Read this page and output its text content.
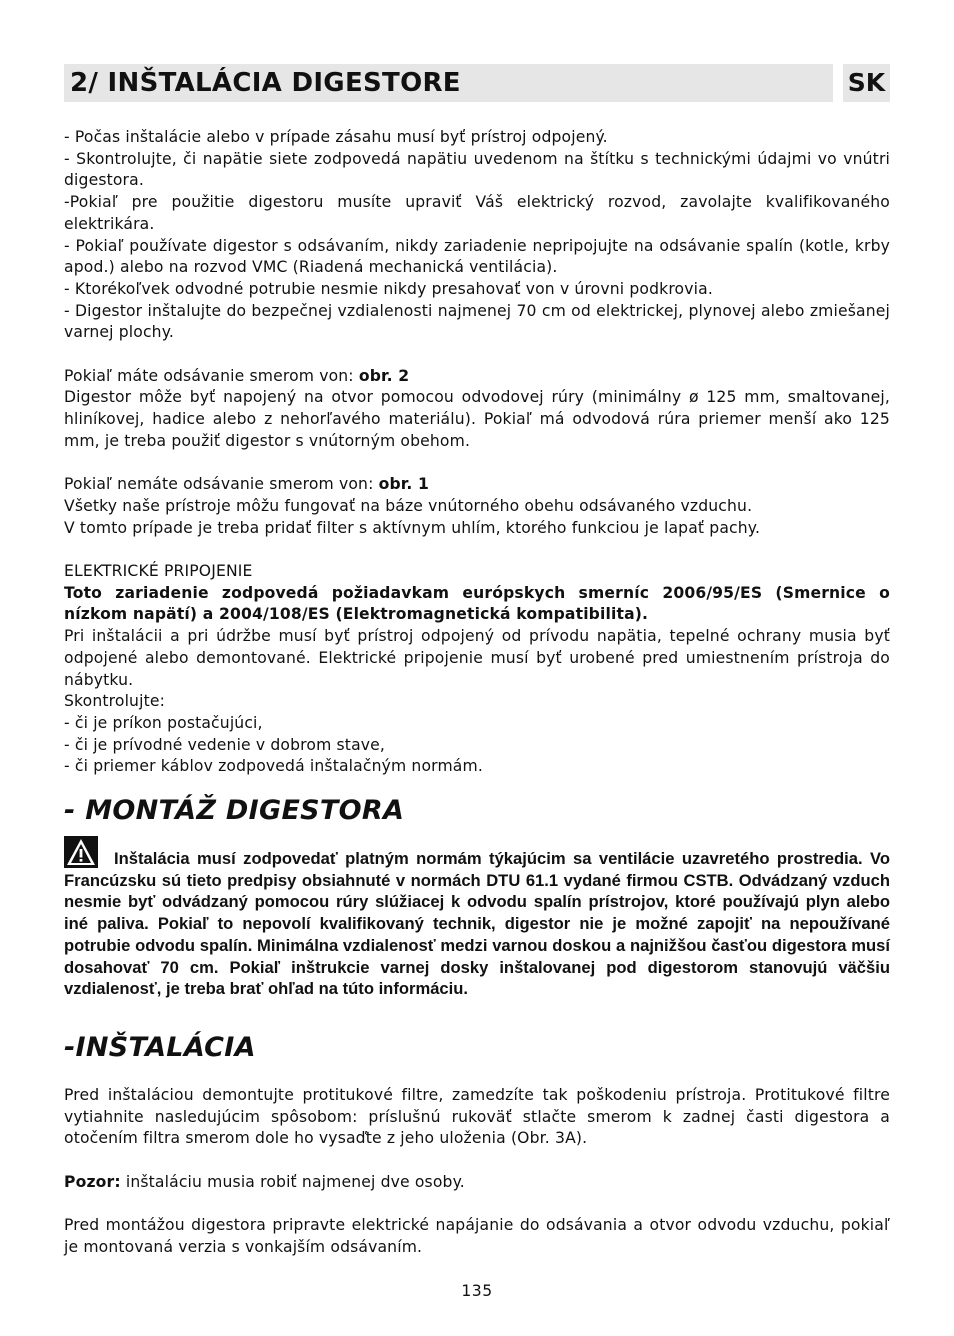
2/ INŠTALÁCIA DIGESTORE	SK

- Počas inštalácie alebo v prípade zásahu musí byť prístroj odpojený.

- Skontrolujte, či napätie siete zodpovedá napätiu uvedenom na štítku s technickými údajmi vo vnútri digestora.

-Pokiaľ pre použitie digestoru musíte upraviť Váš elektrický rozvod, zavolajte kvalifikovaného elektrikára.

- Pokiaľ používate digestor s odsávaním, nikdy zariadenie nepripojujte na odsávanie spalín (kotle, krby apod.) alebo na rozvod VMC (Riadená mechanická ventilácia).

- Ktorékoľvek odvodné potrubie nesmie nikdy presahovať von v úrovni podkrovia.

- Digestor inštalujte do bezpečnej vzdialenosti najmenej 70 cm od elektrickej, plynovej alebo zmiešanej varnej plochy.

Pokiaľ máte odsávanie smerom von: obr. 2

Digestor môže byť napojený na otvor pomocou odvodovej rúry (minimálny ø 125 mm, smaltovanej, hliníkovej, hadice alebo z nehorľavého materiálu). Pokiaľ má odvodová rúra priemer menší ako 125 mm, je treba použiť digestor s vnútorným obehom.

Pokiaľ nemáte odsávanie smerom von: obr. 1

Všetky naše prístroje môžu fungovať na báze vnútorného obehu odsávaného vzduchu.

V tomto prípade je treba pridať filter s aktívnym uhlím, ktorého funkciou je lapať pachy.

ELEKTRICKÉ PRIPOJENIE

Toto zariadenie zodpovedá požiadavkam európskych smerníc 2006/95/ES (Smernice o nízkom napätí) a 2004/108/ES (Elektromagnetická kompatibilita).

Pri inštalácii a pri údržbe musí byť prístroj odpojený od prívodu napätia, tepelné ochrany musia byť odpojené alebo demontované. Elektrické pripojenie musí byť urobené pred umiestnením prístroja do nábytku.

Skontrolujte:

- či je príkon postačujúci,

- či je prívodné vedenie v dobrom stave,

- či priemer káblov zodpovedá inštalačným normám.

- MONTÁŽ DIGESTORA

Inštalácia musí zodpovedať platným normám týkajúcim sa ventilácie uzavretého prostredia. Vo Francúzsku sú tieto predpisy obsiahnuté v normách DTU 61.1 vydané firmou CSTB. Odvádzaný vzduch nesmie byť odvádzaný pomocou rúry slúžiacej k odvodu spalín prístrojov, ktoré používajú plyn alebo iné paliva. Pokiaľ to nepovolí kvalifikovaný technik, digestor nie je možné zapojiť na nepoužívané potrubie odvodu spalín. Minimálna vzdialenosť medzi varnou doskou a najnižšou časťou digestora musí dosahovať 70 cm. Pokiaľ inštrukcie varnej dosky inštalovanej pod digestorom stanovujú väčšiu vzdialenosť, je treba brať ohľad na túto informáciu.

-INŠTALÁCIA

Pred inštaláciou demontujte protitukové filtre, zamedzíte tak poškodeniu prístroja. Protitukové filtre vytiahnite nasledujúcim spôsobom: príslušnú rukoväť stlačte smerom k zadnej časti digestora a otočením filtra smerom dole ho vysaďte z jeho uloženia (Obr. 3A).

Pozor: inštaláciu musia robiť najmenej dve osoby.

Pred montážou digestora pripravte elektrické napájanie do odsávania a otvor odvodu vzduchu, pokiaľ je montovaná verzia s vonkajším odsávaním.

135
